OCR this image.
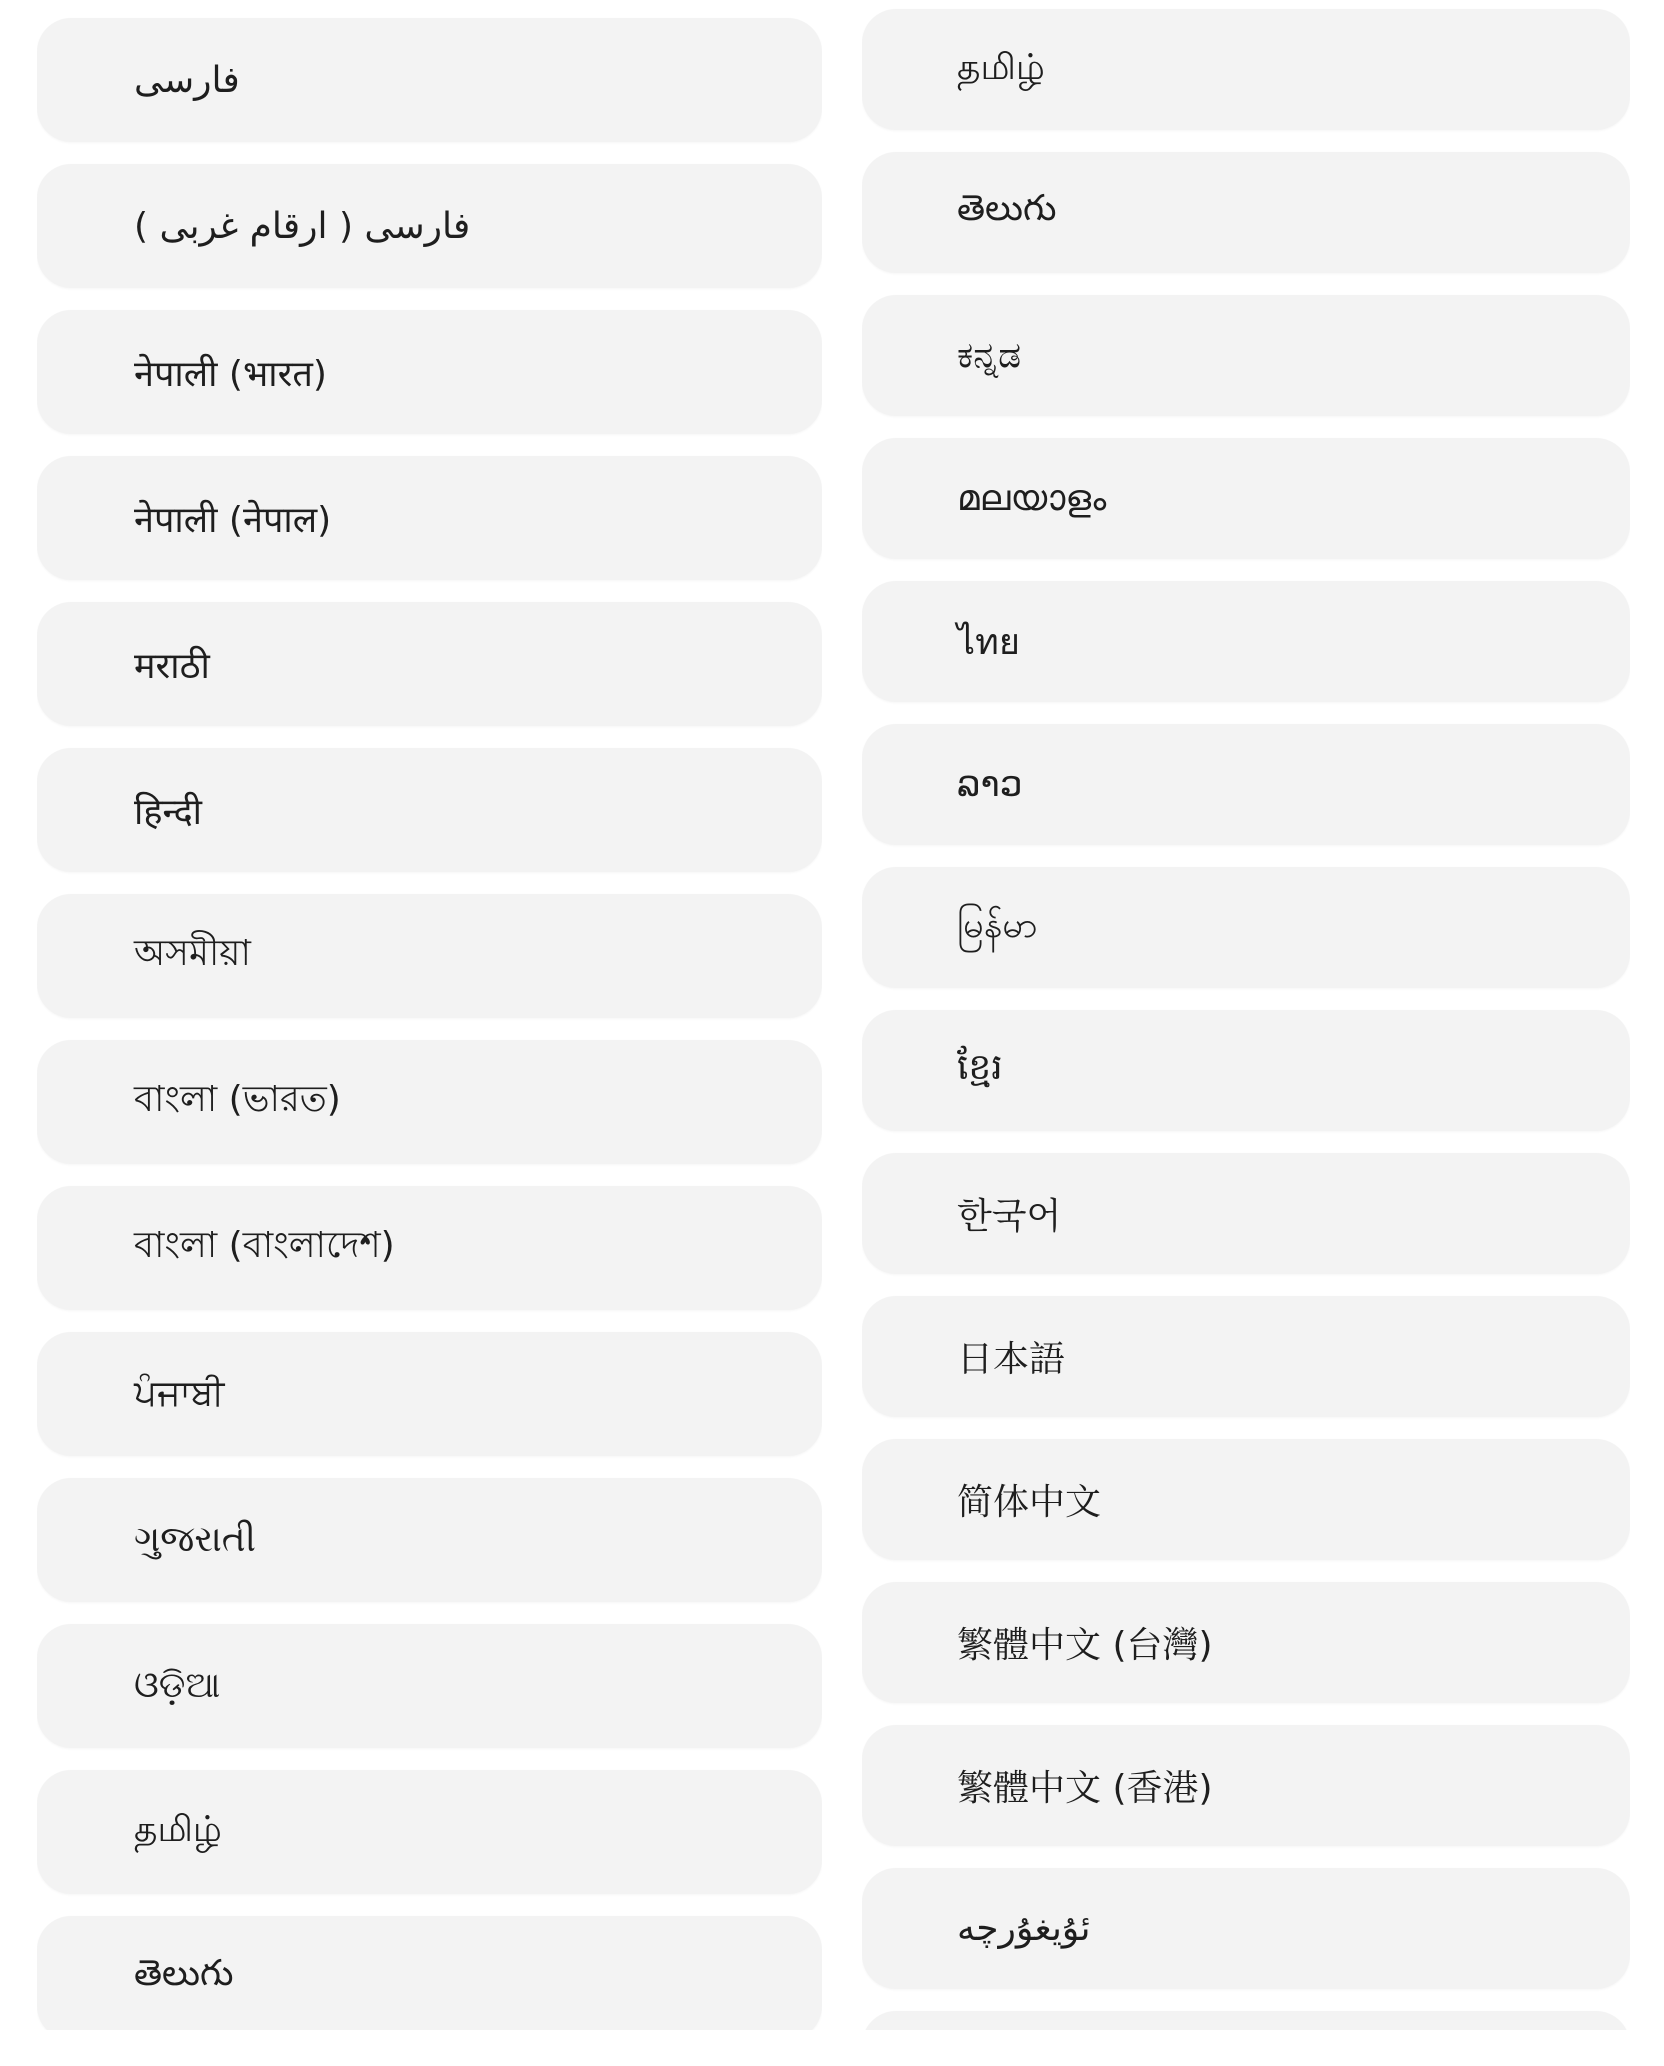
فارسی
فارسی ( ارقام غربی )
नेपाली (भारत)
नेपाली (नेपाल)
मराठी
हिन्दी
অসমীয়া
বাংলা (ভারত)
বাংলা (বাংলাদেশ)
ਪੰਜਾਬੀ
ગુજરાતી
ଓଡ଼ିଆ
தமிழ்
తెలుగు
தமிழ்
తెలుగు
ಕನ್ನಡ
മലയാളം
ไทย
ລາວ
မြန်မာ
ខ្មែរ
한국어
日本語
简体中文
繁體中文 (台灣)
繁體中文 (香港)
ئۇيغۇرچە
